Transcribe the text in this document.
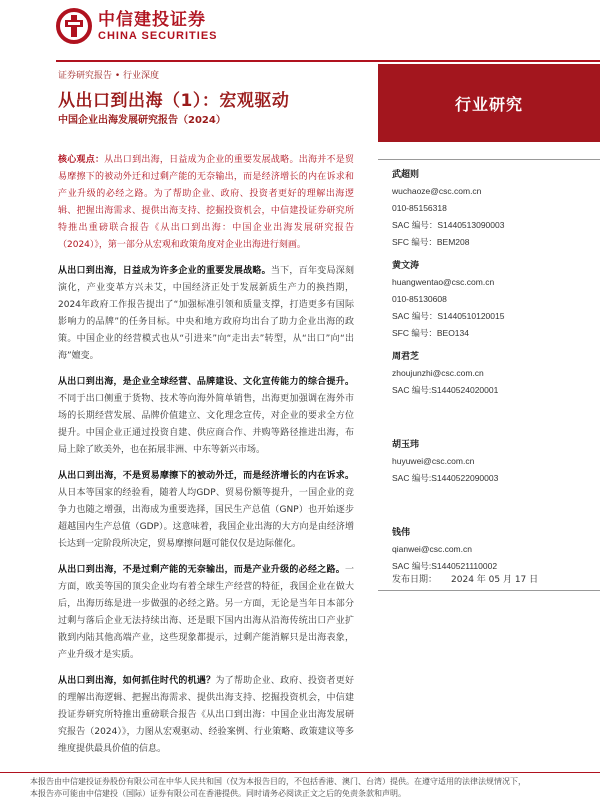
中信建投证券
CHINA SECURITIES
证券研究报告 • 行业深度
从出口到出海（1）：宏观驱动
中国企业出海发展研究报告（2024）
行业研究

核心观点：从出口到出海，日益成为企业的重要发展战略。出海并不是贸易摩擦下的被动外迁和过剩产能的无奈输出，而是经济增长的内在诉求和产业升级的必经之路。为了帮助企业、政府、投资者更好的理解出海逻辑、把握出海需求、提供出海支持、挖掘投资机会，中信建投证券研究所特推出重磅联合报告《从出口到出海：中国企业出海发展研究报告（2024）》，第一部分从宏观和政策角度对企业出海进行刻画。

从出口到出海，日益成为许多企业的重要发展战略。当下，百年变局深刻演化，产业变革方兴未艾，中国经济正处于发展新质生产力的换挡期，2024年政府工作报告提出了“加强标准引领和质量支撑，打造更多有国际影响力的品牌”的任务目标。中央和地方政府均出台了助力企业出海的政策。中国企业的经营模式也从“引进来”向“走出去”转型，从“出口”向“出海”嬗变。

从出口到出海，是企业全球经营、品牌建设、文化宣传能力的综合提升。不同于出口侧重于货物、技术等向海外简单销售，出海更加强调在海外市场的长期经营发展、品牌价值建立、文化理念宣传，对企业的要求全方位提升。中国企业正通过投资自建、供应商合作、并购等路径推进出海，布局上除了欧美外，也在拓展非洲、中东等新兴市场。

从出口到出海，不是贸易摩擦下的被动外迁，而是经济增长的内在诉求。从日本等国家的经验看，随着人均GDP、贸易份额等提升，一国企业的竞争力也随之增强，出海成为重要选择，国民生产总值（GNP）也开始逐步超越国内生产总值（GDP）。这意味着，我国企业出海的大方向是由经济增长达到一定阶段所决定，贸易摩擦问题可能仅仅是边际催化。

从出口到出海，不是过剩产能的无奈输出，而是产业升级的必经之路。一方面，欧美等国的顶尖企业均有着全球生产经营的特征，我国企业在做大后，出海历练是进一步做强的必经之路。另一方面，无论是当年日本部分过剩与落后企业无法持续出海、还是眼下国内出海从沿海传统出口产业扩散到内陆其他高端产业，这些现象都提示，过剩产能消解只是出海表象，产业升级才是实质。

从出口到出海，如何抓住时代的机遇？为了帮助企业、政府、投资者更好的理解出海逻辑、把握出海需求、提供出海支持、挖掘投资机会，中信建投证券研究所特推出重磅联合报告《从出口到出海：中国企业出海发展研究报告（2024）》，力图从宏观驱动、经验案例、行业策略、政策建议等多维度提供最具价值的信息。

武超则
wuchaoze@csc.com.cn
010-85156318
SAC 编号：S1440513090003
SFC 编号：BEM208
黄文涛
huangwentao@csc.com.cn
010-85130608
SAC 编号：S1440510120015
SFC 编号：BEO134
周君芝
zhoujunzhi@csc.com.cn
SAC 编号:S1440524020001
胡玉玮
huyuwei@csc.com.cn
SAC 编号:S1440522090003
钱伟
qianwei@csc.com.cn
SAC 编号:S1440521110002
发布日期： 2024 年 05 月 17 日
本报告由中信建投证券股份有限公司在中华人民共和国（仅为本报告目的，不包括香港、澳门、台湾）提供。在遵守适用的法律法规情况下，
本报告亦可能由中信建投（国际）证券有限公司在香港提供。同时请务必阅读正文之后的免责条款和声明。
